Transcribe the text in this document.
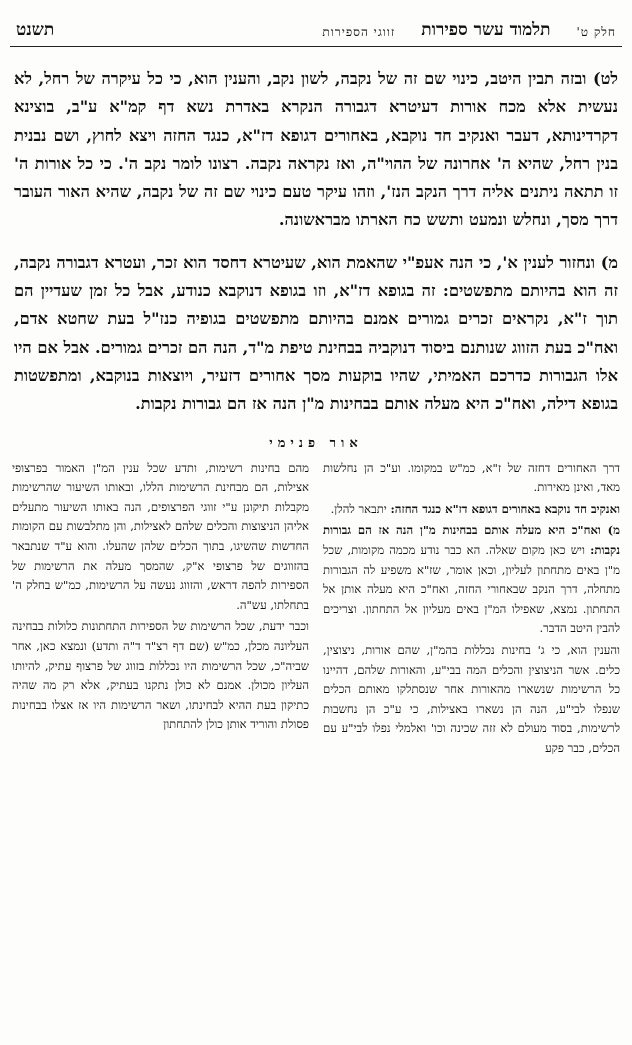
חלק ט'
תלמוד עשר ספירות
זווגי הספירות
תשנט

לט) ובזה תבין היטב, כינוי שם זה של נקבה, לשון נקב, והענין הוא, כי כל עיקרה של רחל, לא נעשית אלא מכח אורות דעיטרא דגבורה הנקרא באדרת נשא דף קמ"א ע"ב, בוצינא דקרדינותא, דעבר ואנקיב חד נוקבא, באחורים דגופא דז"א, כנגד החזה ויצא לחוץ, ושם נבנית בנין רחל, שהיא ה' אחרונה של ההוי"ה, ואז נקראה נקבה. רצונו לומר נקב ה'. כי כל אורות ה' זו תתאה ניתנים אליה דרך הנקב הנז', וזהו עיקר טעם כינוי שם זה של נקבה, שהיא האור העובר דרך מסך, ונחלש ונמעט ותשש כח הארתו מבראשונה.

מ) ונחזור לענין א', כי הנה אעפ"י שהאמת הוא, שעיטרא דחסד הוא זכר, ועטרא דגבורה נקבה, זה הוא בהיותם מתפשטים: זה בגופא דז"א, וזו בגופא דנוקבא כנודע, אבל כל זמן שעדיין הם תוך ז"א, נקראים זכרים גמורים אמנם בהיותם מתפשטים בגופיה כנז"ל בעת שחטא אדם, ואח"כ בעת הזווג שנותנם ביסוד דנוקביה בבחינת טיפת מ"ד, הנה הם זכרים גמורים. אבל אם היו אלו הגבורות כדרכם האמיתי, שהיו בוקעות מסך אחורים דזעיר, ויוצאות בנוקבא, ומתפשטות בגופא דילה, ואח"כ היא מעלה אותם בבחינות מ"ן הנה אז הם גבורות נקבות.

אור פנימי

דרך האחורים דחזה של ז"א, כמ"ש במקומו. וע"כ הן נחלשות מאד, ואינן מאירות.

ואנקיב חד נוקבא באחורים דגופא דז"א כנגד החזה: יתבאר להלן.

מ) ואח"כ היא מעלה אותם בבחינות מ"ן הנה אז הם גבורות נקבות: ויש כאן מקום שאלה. הא כבר נודע מכמה מקומות, שכל מ"ן באים מתחתון לעליון, וכאן אומר, שז"א משפיע לה הגבורות מתחלה, דרך הנקב שבאחורי החזה, ואח"כ היא מעלה אותן אל התחתון. נמצא, שאפילו המ"ן באים מעליון אל התחתון. וצריכים להבין היטב הדבר.

והענין הוא, כי ג' בחינות נכללות בהמ"ן, שהם אורות, ניצוצין, כלים. אשר הניצוצין והכלים המה בבי"ע, והאורות שלהם, דהיינו כל הרשימות שנשארו מהאורות אחר שנסתלקו מאותם הכלים שנפלו לבי"ע, הנה הן נשארו באצילות, כי ע"כ הן נחשבות לרשימות, בסוד מעולם לא זזה שכינה וכו' ואלמלי נפלו לבי"ע עם הכלים, כבר פקע

מהם בחינות רשימות, ותדע שכל ענין המ"ן האמור בפרצופי אצילות, הם מבחינת הרשימות הללו, ובאותו השיעור שהרשימות מקבלות תיקונן ע"י זווגי הפרצופים, הנה באותו השיעור מתעלים אליהן הניצוצות והכלים שלהם לאצילות, והן מתלבשות עם הקומות החדשות שהשיגו, בתוך הכלים שלהן שהעלו. והוא ע"ד שנתבאר בהזווגים של פרצופי א"ק, שהמסך מעלה את הרשימות של הספירות להפה דראש, והזווג נעשה על הרשימות, כמ"ש בחלק ה' בתחלתו, עש"ה.

וכבר ידעת, שכל הרשימות של הספירות התחתונות כלולות בבחינה העליונה מכלן, כמ"ש (שם דף רצ"ד ד"ה ותדע) ונמצא כאן, אחר שביה"כ, שכל הרשימות היו נכללות בזווג של פרצוף עתיק, להיותו העליון מכולן. אמנם לא כולן נתקנו בעתיק, אלא רק מה שהיה כתיקון בעת ההיא לבחינתו, ושאר הרשימות היו אז אצלו בבחינות פסולת והוריד אותן כולן להתחתון
